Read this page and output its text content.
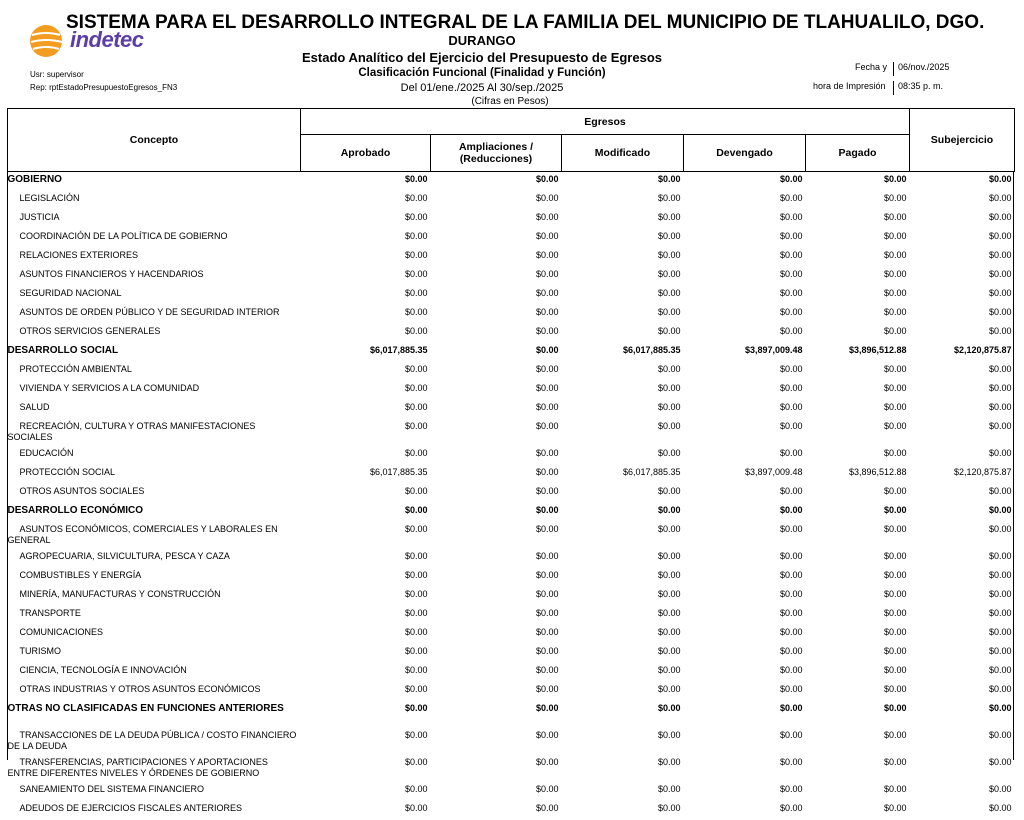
indetec
SISTEMA PARA EL DESARROLLO INTEGRAL DE LA FAMILIA DEL MUNICIPIO DE TLAHUALILO, DGO.
DURANGO
Estado Analítico del Ejercicio del Presupuesto de Egresos
Clasificación Funcional (Finalidad y Función)
Del 01/ene./2025 Al 30/sep./2025
(Cifras en Pesos)
Usr: supervisor
Rep: rptEstadoPresupuestoEgresos_FN3
Fecha y	06/nov./2025
hora de Impresión	08:35 p. m.
Concepto	Egresos					Subejercicio
	Aprobado	Ampliaciones / (Reducciones)	Modificado	Devengado	Pagado	
GOBIERNO	$0.00	$0.00	$0.00	$0.00	$0.00	$0.00
LEGISLACIÓN	$0.00	$0.00	$0.00	$0.00	$0.00	$0.00
JUSTICIA	$0.00	$0.00	$0.00	$0.00	$0.00	$0.00
COORDINACIÓN DE LA POLÍTICA DE GOBIERNO	$0.00	$0.00	$0.00	$0.00	$0.00	$0.00
RELACIONES EXTERIORES	$0.00	$0.00	$0.00	$0.00	$0.00	$0.00
ASUNTOS FINANCIEROS Y HACENDARIOS	$0.00	$0.00	$0.00	$0.00	$0.00	$0.00
SEGURIDAD NACIONAL	$0.00	$0.00	$0.00	$0.00	$0.00	$0.00
ASUNTOS DE ORDEN PÚBLICO Y DE SEGURIDAD INTERIOR	$0.00	$0.00	$0.00	$0.00	$0.00	$0.00
OTROS SERVICIOS GENERALES	$0.00	$0.00	$0.00	$0.00	$0.00	$0.00
DESARROLLO SOCIAL	$6,017,885.35	$0.00	$6,017,885.35	$3,897,009.48	$3,896,512.88	$2,120,875.87
PROTECCIÓN AMBIENTAL	$0.00	$0.00	$0.00	$0.00	$0.00	$0.00
VIVIENDA Y SERVICIOS A LA COMUNIDAD	$0.00	$0.00	$0.00	$0.00	$0.00	$0.00
SALUD	$0.00	$0.00	$0.00	$0.00	$0.00	$0.00
RECREACIÓN, CULTURA Y OTRAS MANIFESTACIONES SOCIALES	$0.00	$0.00	$0.00	$0.00	$0.00	$0.00
EDUCACIÓN	$0.00	$0.00	$0.00	$0.00	$0.00	$0.00
PROTECCIÓN SOCIAL	$6,017,885.35	$0.00	$6,017,885.35	$3,897,009.48	$3,896,512.88	$2,120,875.87
OTROS ASUNTOS SOCIALES	$0.00	$0.00	$0.00	$0.00	$0.00	$0.00
DESARROLLO ECONÓMICO	$0.00	$0.00	$0.00	$0.00	$0.00	$0.00
ASUNTOS ECONÓMICOS, COMERCIALES Y LABORALES EN GENERAL	$0.00	$0.00	$0.00	$0.00	$0.00	$0.00
AGROPECUARIA, SILVICULTURA, PESCA Y CAZA	$0.00	$0.00	$0.00	$0.00	$0.00	$0.00
COMBUSTIBLES Y ENERGÍA	$0.00	$0.00	$0.00	$0.00	$0.00	$0.00
MINERÍA, MANUFACTURAS Y CONSTRUCCIÓN	$0.00	$0.00	$0.00	$0.00	$0.00	$0.00
TRANSPORTE	$0.00	$0.00	$0.00	$0.00	$0.00	$0.00
COMUNICACIONES	$0.00	$0.00	$0.00	$0.00	$0.00	$0.00
TURISMO	$0.00	$0.00	$0.00	$0.00	$0.00	$0.00
CIENCIA, TECNOLOGÍA E INNOVACIÓN	$0.00	$0.00	$0.00	$0.00	$0.00	$0.00
OTRAS INDUSTRIAS Y OTROS ASUNTOS ECONÓMICOS	$0.00	$0.00	$0.00	$0.00	$0.00	$0.00
OTRAS NO CLASIFICADAS EN FUNCIONES ANTERIORES	$0.00	$0.00	$0.00	$0.00	$0.00	$0.00
TRANSACCIONES DE LA DEUDA PÚBLICA / COSTO FINANCIERO DE LA DEUDA	$0.00	$0.00	$0.00	$0.00	$0.00	$0.00
TRANSFERENCIAS, PARTICIPACIONES Y APORTACIONES ENTRE DIFERENTES NIVELES Y ÓRDENES DE GOBIERNO	$0.00	$0.00	$0.00	$0.00	$0.00	$0.00
SANEAMIENTO DEL SISTEMA FINANCIERO	$0.00	$0.00	$0.00	$0.00	$0.00	$0.00
ADEUDOS DE EJERCICIOS FISCALES ANTERIORES	$0.00	$0.00	$0.00	$0.00	$0.00	$0.00
